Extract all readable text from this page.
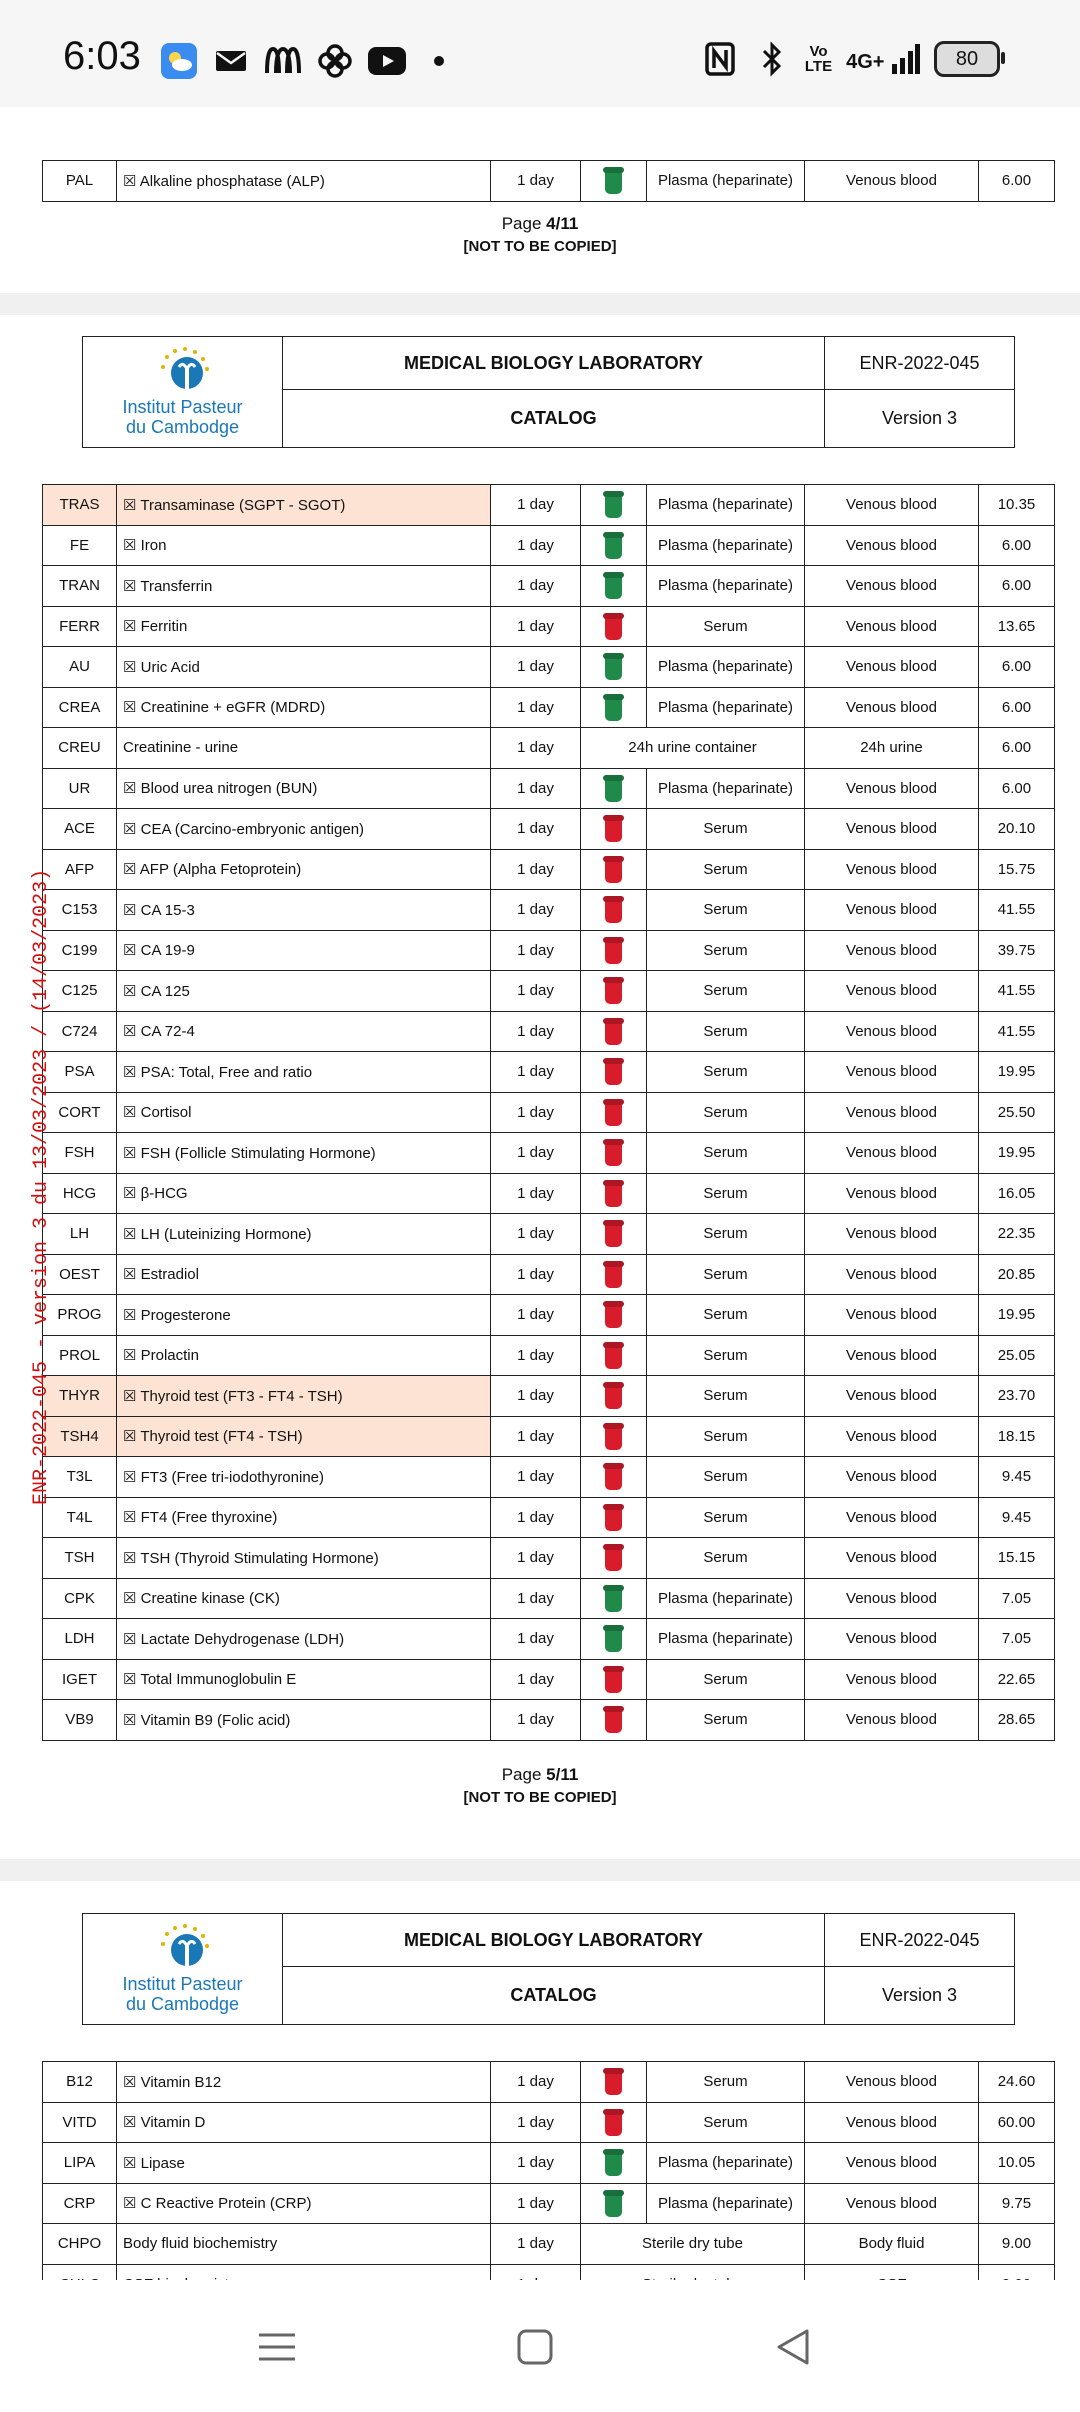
6:03	Vo
LTE 4G+	80
PAL	☒ Alkaline phosphatase (ALP)	1 day		Plasma (heparinate)	Venous blood	6.00
Page 4/11
[NOT TO BE COPIED]
Institut Pasteur
du Cambodge	MEDICAL BIOLOGY LABORATORY	ENR-2022-045
	CATALOG	Version 3
TRAS	☒ Transaminase (SGPT - SGOT)	1 day		Plasma (heparinate)	Venous blood	10.35
FE	☒ Iron	1 day		Plasma (heparinate)	Venous blood	6.00
TRAN	☒ Transferrin	1 day		Plasma (heparinate)	Venous blood	6.00
FERR	☒ Ferritin	1 day		Serum	Venous blood	13.65
AU	☒ Uric Acid	1 day		Plasma (heparinate)	Venous blood	6.00
CREA	☒ Creatinine + eGFR (MDRD)	1 day		Plasma (heparinate)	Venous blood	6.00
CREU	Creatinine - urine	1 day	24h urine container		24h urine	6.00
UR	☒ Blood urea nitrogen (BUN)	1 day		Plasma (heparinate)	Venous blood	6.00
ACE	☒ CEA (Carcino-embryonic antigen)	1 day		Serum	Venous blood	20.10
AFP	☒ AFP (Alpha Fetoprotein)	1 day		Serum	Venous blood	15.75
C153	☒ CA 15-3	1 day		Serum	Venous blood	41.55
C199	☒ CA 19-9	1 day		Serum	Venous blood	39.75
C125	☒ CA 125	1 day		Serum	Venous blood	41.55
C724	☒ CA 72-4	1 day		Serum	Venous blood	41.55
PSA	☒ PSA: Total, Free and ratio	1 day		Serum	Venous blood	19.95
CORT	☒ Cortisol	1 day		Serum	Venous blood	25.50
FSH	☒ FSH (Follicle Stimulating Hormone)	1 day		Serum	Venous blood	19.95
HCG	☒ β-HCG	1 day		Serum	Venous blood	16.05
LH	☒ LH (Luteinizing Hormone)	1 day		Serum	Venous blood	22.35
OEST	☒ Estradiol	1 day		Serum	Venous blood	20.85
PROG	☒ Progesterone	1 day		Serum	Venous blood	19.95
PROL	☒ Prolactin	1 day		Serum	Venous blood	25.05
THYR	☒ Thyroid test (FT3 - FT4 - TSH)	1 day		Serum	Venous blood	23.70
TSH4	☒ Thyroid test (FT4 - TSH)	1 day		Serum	Venous blood	18.15
T3L	☒ FT3 (Free tri-iodothyronine)	1 day		Serum	Venous blood	9.45
T4L	☒ FT4 (Free thyroxine)	1 day		Serum	Venous blood	9.45
TSH	☒ TSH (Thyroid Stimulating Hormone)	1 day		Serum	Venous blood	15.15
CPK	☒ Creatine kinase (CK)	1 day		Plasma (heparinate)	Venous blood	7.05
LDH	☒ Lactate Dehydrogenase (LDH)	1 day		Plasma (heparinate)	Venous blood	7.05
IGET	☒ Total Immunoglobulin E	1 day		Serum	Venous blood	22.65
VB9	☒ Vitamin B9 (Folic acid)	1 day		Serum	Venous blood	28.65
Page 5/11
[NOT TO BE COPIED]
Institut Pasteur
du Cambodge	MEDICAL BIOLOGY LABORATORY	ENR-2022-045
	CATALOG	Version 3
B12	☒ Vitamin B12	1 day		Serum	Venous blood	24.60
VITD	☒ Vitamin D	1 day		Serum	Venous blood	60.00
LIPA	☒ Lipase	1 day		Plasma (heparinate)	Venous blood	10.05
CRP	☒ C Reactive Protein (CRP)	1 day		Plasma (heparinate)	Venous blood	9.75
CHPO	Body fluid biochemistry	1 day	Sterile dry tube		Body fluid	9.00

ENR-2022-045 - version 3 du 13/03/2023 / (14/03/2023)
